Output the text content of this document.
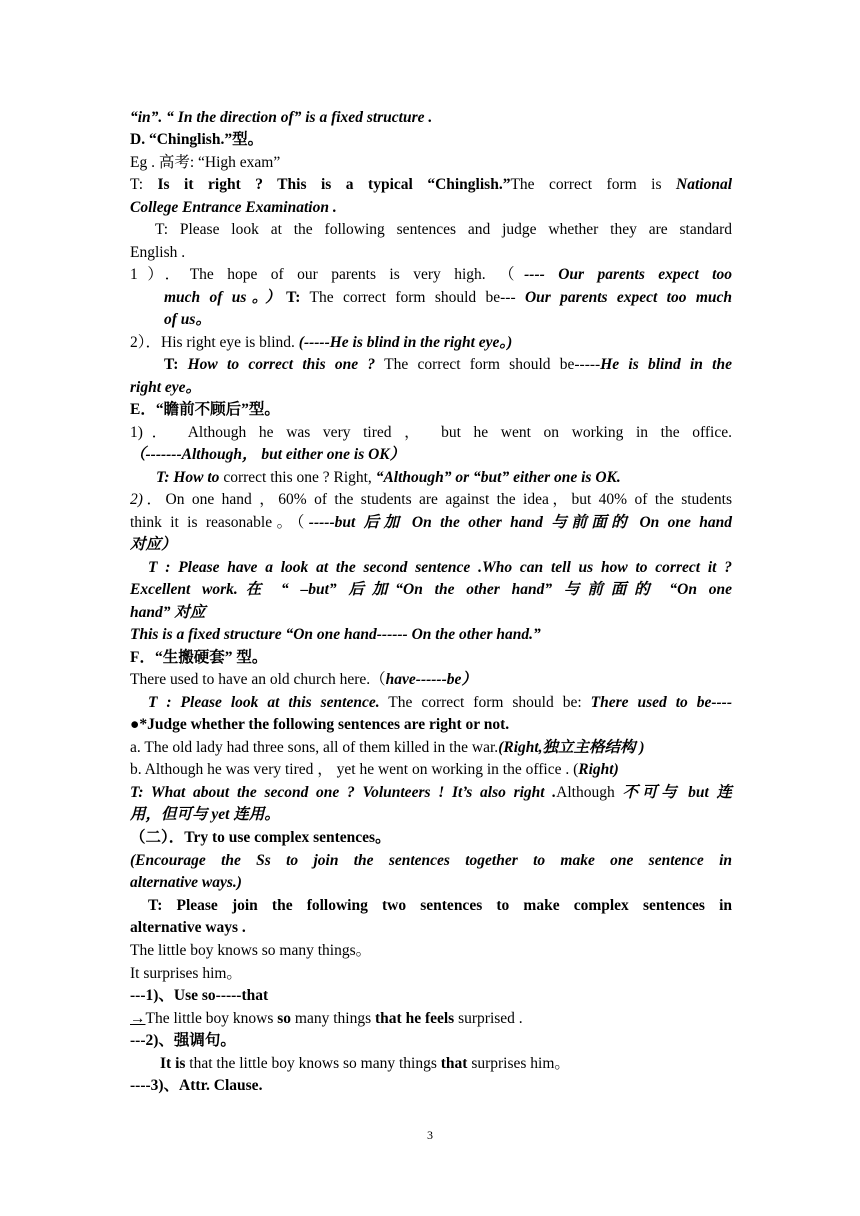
“in”. “ In the direction of” is a fixed structure .
D. “Chinglish.”型。
Eg . 高考: “High exam”
T: Is it right ? This is a typical “Chinglish.”The correct form is National
College Entrance Examination .
T: Please look at the following sentences and judge whether they are standard
English .
1）．The hope of our parents is very high. （---- Our parents expect too
much of us。）T: The correct form should be--- Our parents expect too much
of us。
2）．His right eye is blind. (-----He is blind in the right eye。)
T: How to correct this one ? The correct form should be-----He is blind in the
right eye。
E．“瞻前不顾后”型。
1)． Although he was very tired ， but he went on working in the office.
（-------Although， but either one is OK）
T: How to correct this one ? Right, “Although” or “but” either one is OK.
2)．On one hand ，60% of the students are against the idea，but 40% of the students
think it is reasonable。（-----but 后加 On the other hand 与前面的 On one hand
对应）
T : Please have a look at the second sentence .Who can tell us how to correct it ?
Excellent work.在 “ –but” 后加“On the other hand” 与前面的 “On one
hand” 对应
This is a fixed structure “On one hand------ On the other hand.”
F．“生搬硬套” 型。
There used to have an old church here.（have------be）
T : Please look at this sentence. The correct form should be: There used to be----
●*Judge whether the following sentences are right or not.
a. The old lady had three sons, all of them killed in the war.(Right,独立主格结构 )
b. Although he was very tired ， yet he went on working in the office . (Right)
T: What about the second one ? Volunteers ! It’s also right .Although 不可与 but 连
用，但可与 yet 连用。
（二）．Try to use complex sentences。
(Encourage the Ss to join the sentences together to make one sentence in
alternative ways.)
T: Please join the following two sentences to make complex sentences in
alternative ways .
The little boy knows so many things。
It surprises him。
---1)、Use so-----that
→The little boy knows so many things that he feels surprised .
---2)、强调句。
It is that the little boy knows so many things that surprises him。
----3)、Attr. Clause.
3
